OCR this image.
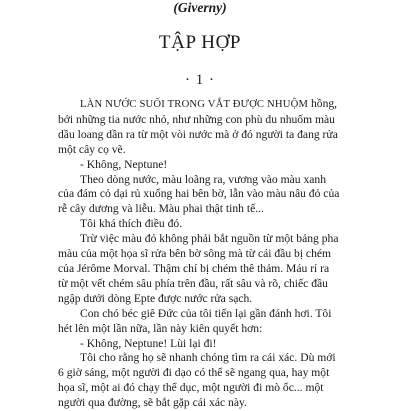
(Giverny)
TẬP HỢP
· 1 ·

LÀN NƯỚC SUỐI TRONG VẮT ĐƯỢC NHUỘM hồng, bởi những tia nước nhỏ, như những con phù du nhuốm màu dầu loang dần ra từ một vòi nước mà ở đó người ta đang rửa một cây cọ vẽ.

- Không, Neptune!

Theo dòng nước, màu loãng ra, vương vào màu xanh của đám cỏ dại rủ xuống hai bên bờ, lẫn vào màu nâu đỏ của rễ cây dương và liễu. Màu phai thật tinh tế...

Tôi khá thích điều đó.

Trừ việc màu đỏ không phải bắt nguồn từ một bảng pha màu của một họa sĩ rửa bên bờ sông mà từ cái đầu bị chém của Jérôme Morval. Thậm chí bị chém thê thảm. Máu rỉ ra từ một vết chém sâu phía trên đầu, rất sâu và rõ, chiếc đầu ngập dưới dòng Epte được nước rửa sạch.

Con chó béc giê Đức của tôi tiến lại gần đánh hơi. Tôi hét lên một lần nữa, lần này kiên quyết hơn:

- Không, Neptune! Lùi lại đi!

Tôi cho rằng họ sẽ nhanh chóng tìm ra cái xác. Dù mới 6 giờ sáng, một người đi dạo có thể sẽ ngang qua, hay một họa sĩ, một ai đó chạy thể dục, một người đi mò ốc... một người qua đường, sẽ bắt gặp cái xác này.
